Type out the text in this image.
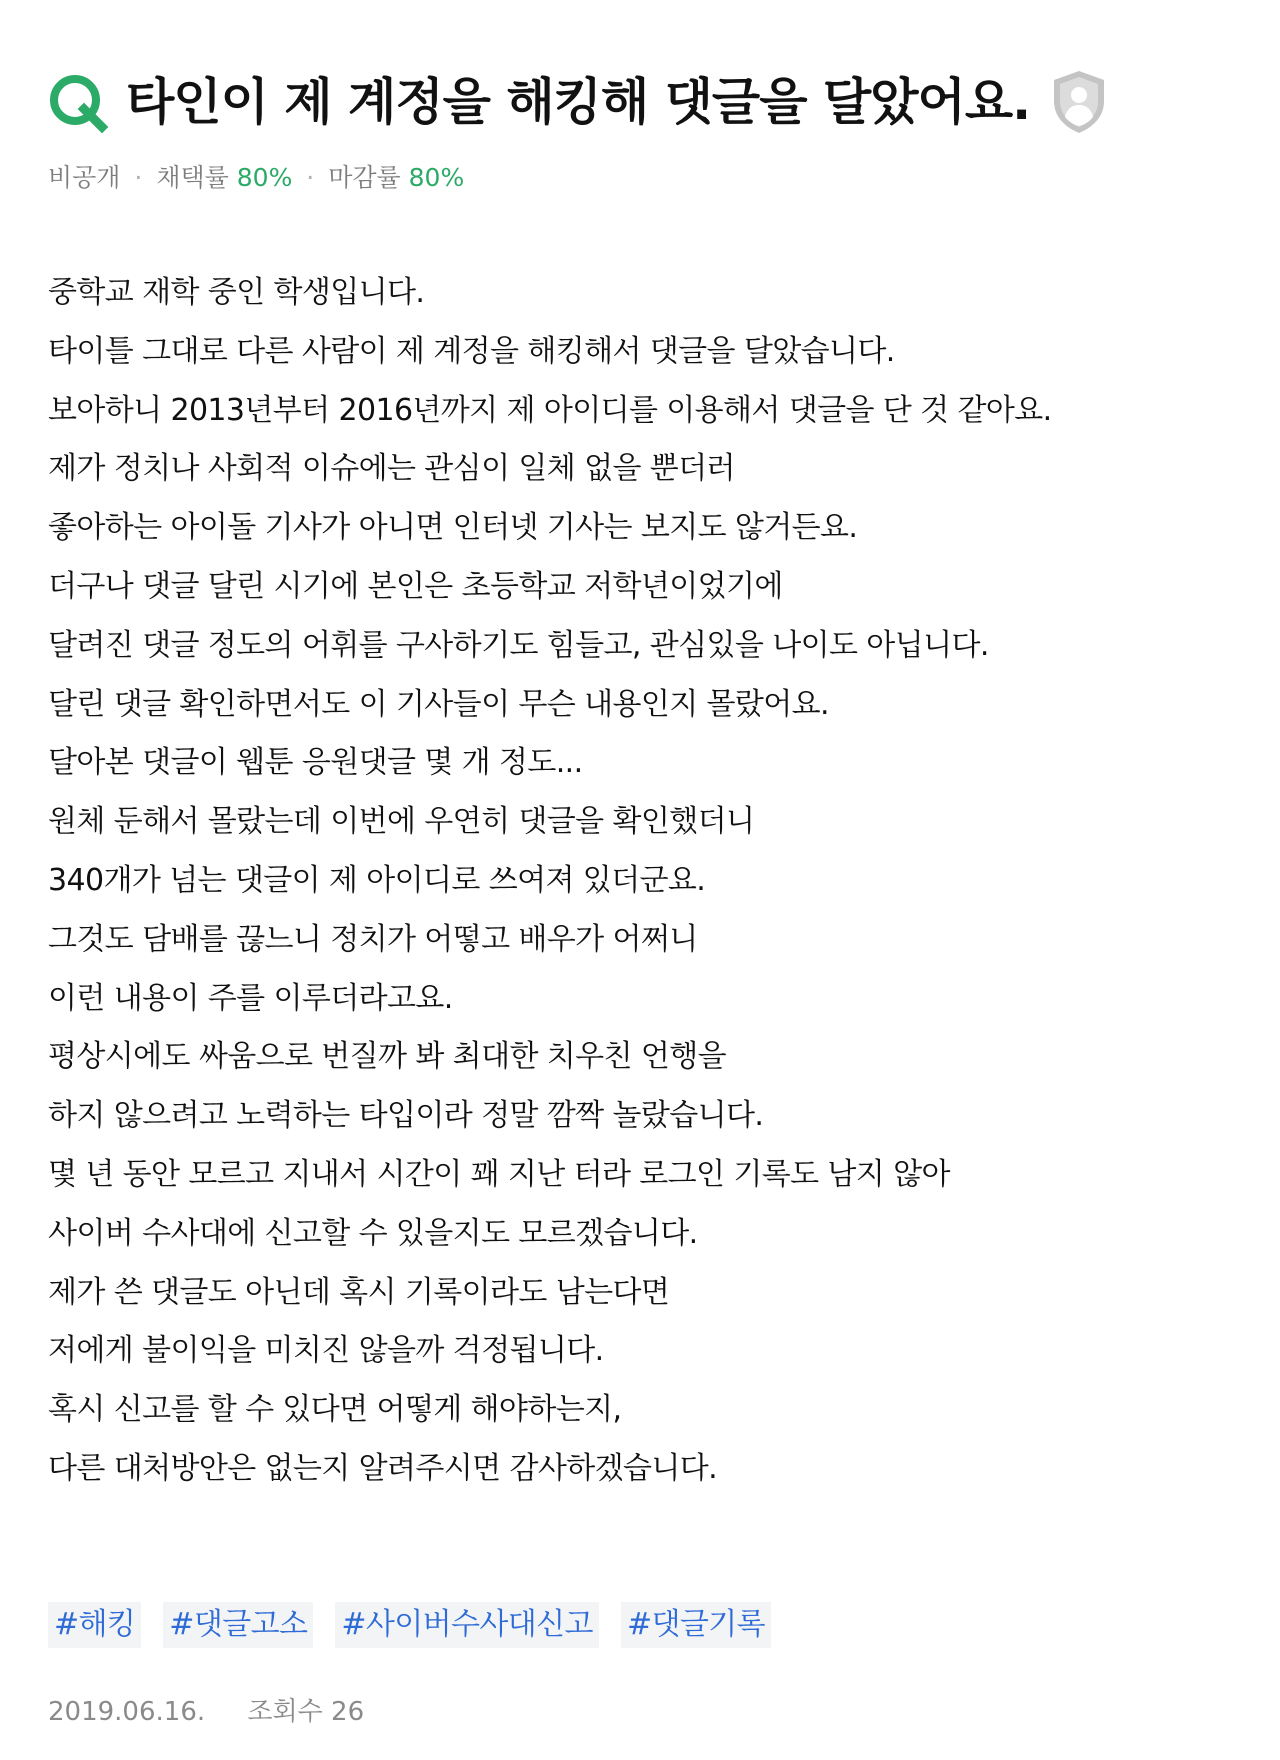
타인이 제 계정을 해킹해 댓글을 달았어요.
비공개 · 채택률 80% · 마감률 80%
중학교 재학 중인 학생입니다.
타이틀 그대로 다른 사람이 제 계정을 해킹해서 댓글을 달았습니다.
보아하니 2013년부터 2016년까지 제 아이디를 이용해서 댓글을 단 것 같아요.
제가 정치나 사회적 이슈에는 관심이 일체 없을 뿐더러
좋아하는 아이돌 기사가 아니면 인터넷 기사는 보지도 않거든요.
더구나 댓글 달린 시기에 본인은 초등학교 저학년이었기에
달려진 댓글 정도의 어휘를 구사하기도 힘들고, 관심있을 나이도 아닙니다.
달린 댓글 확인하면서도 이 기사들이 무슨 내용인지 몰랐어요.
달아본 댓글이 웹툰 응원댓글 몇 개 정도...
원체 둔해서 몰랐는데 이번에 우연히 댓글을 확인했더니
340개가 넘는 댓글이 제 아이디로 쓰여져 있더군요.
그것도 담배를 끊느니 정치가 어떻고 배우가 어쩌니
이런 내용이 주를 이루더라고요.
평상시에도 싸움으로 번질까 봐 최대한 치우친 언행을
하지 않으려고 노력하는 타입이라 정말 깜짝 놀랐습니다.
몇 년 동안 모르고 지내서 시간이 꽤 지난 터라 로그인 기록도 남지 않아
사이버 수사대에 신고할 수 있을지도 모르겠습니다.
제가 쓴 댓글도 아닌데 혹시 기록이라도 남는다면
저에게 불이익을 미치진 않을까 걱정됩니다.
혹시 신고를 할 수 있다면 어떻게 해야하는지,
다른 대처방안은 없는지 알려주시면 감사하겠습니다.
#해킹 #댓글고소 #사이버수사대신고 #댓글기록
2019.06.16. 조회수 26
